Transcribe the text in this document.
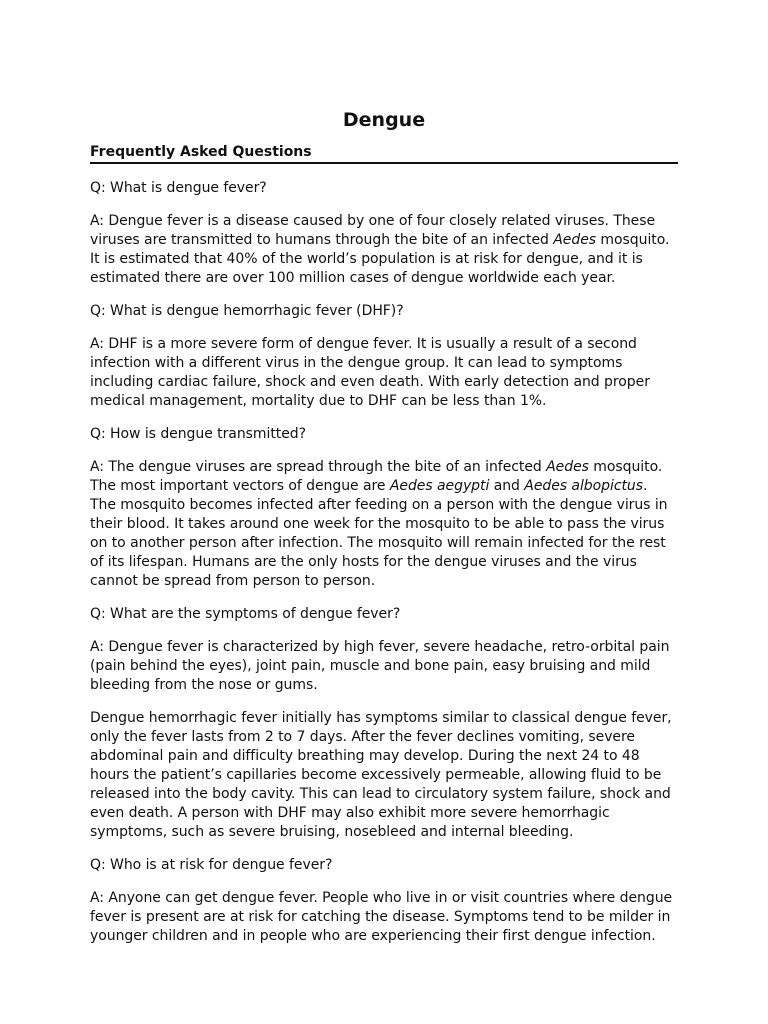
Dengue
Frequently Asked Questions
Q: What is dengue fever?
A: Dengue fever is a disease caused by one of four closely related viruses. These
viruses are transmitted to humans through the bite of an infected Aedes mosquito.
It is estimated that 40% of the world’s population is at risk for dengue, and it is
estimated there are over 100 million cases of dengue worldwide each year.
Q: What is dengue hemorrhagic fever (DHF)?
A: DHF is a more severe form of dengue fever. It is usually a result of a second
infection with a different virus in the dengue group. It can lead to symptoms
including cardiac failure, shock and even death. With early detection and proper
medical management, mortality due to DHF can be less than 1%.
Q: How is dengue transmitted?
A: The dengue viruses are spread through the bite of an infected Aedes mosquito.
The most important vectors of dengue are Aedes aegypti and Aedes albopictus.
The mosquito becomes infected after feeding on a person with the dengue virus in
their blood. It takes around one week for the mosquito to be able to pass the virus
on to another person after infection. The mosquito will remain infected for the rest
of its lifespan. Humans are the only hosts for the dengue viruses and the virus
cannot be spread from person to person.
Q: What are the symptoms of dengue fever?
A: Dengue fever is characterized by high fever, severe headache, retro-orbital pain
(pain behind the eyes), joint pain, muscle and bone pain, easy bruising and mild
bleeding from the nose or gums.
Dengue hemorrhagic fever initially has symptoms similar to classical dengue fever,
only the fever lasts from 2 to 7 days. After the fever declines vomiting, severe
abdominal pain and difficulty breathing may develop. During the next 24 to 48
hours the patient’s capillaries become excessively permeable, allowing fluid to be
released into the body cavity. This can lead to circulatory system failure, shock and
even death. A person with DHF may also exhibit more severe hemorrhagic
symptoms, such as severe bruising, nosebleed and internal bleeding.
Q: Who is at risk for dengue fever?
A: Anyone can get dengue fever. People who live in or visit countries where dengue
fever is present are at risk for catching the disease. Symptoms tend to be milder in
younger children and in people who are experiencing their first dengue infection.
